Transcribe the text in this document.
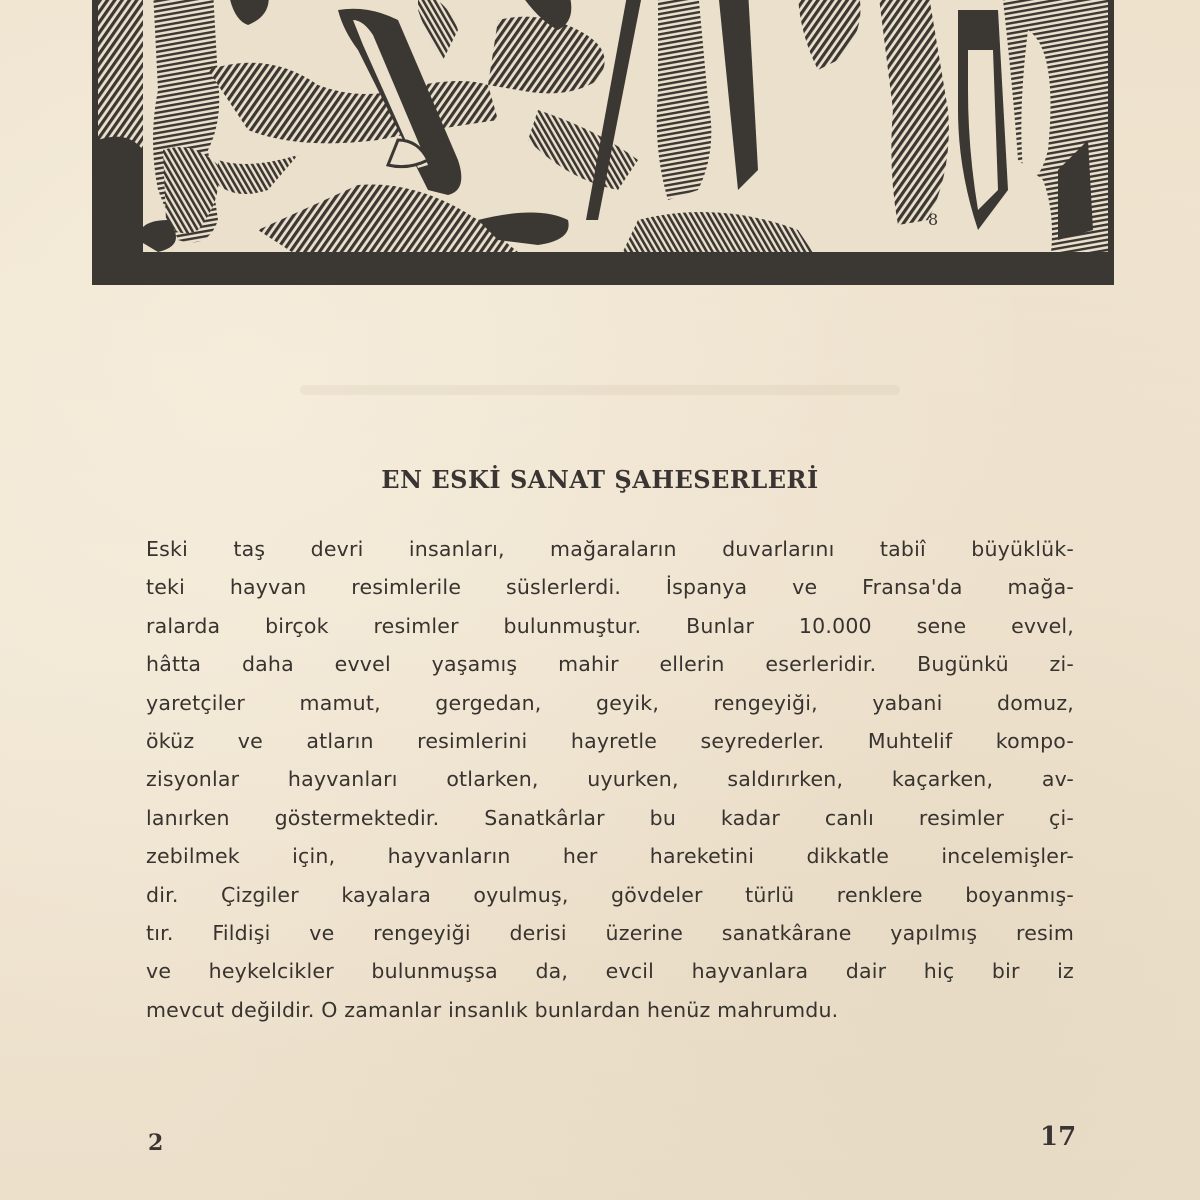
8
EN ESKİ SANAT ŞAHESERLERİ
Eski taş devri insanları, mağaraların duvarlarını tabiî büyüklük-
teki hayvan resimlerile süslerlerdi. İspanya ve Fransa'da mağa-
ralarda birçok resimler bulunmuştur. Bunlar 10.000 sene evvel,
hâtta daha evvel yaşamış mahir ellerin eserleridir. Bugünkü zi-
yaretçiler mamut, gergedan, geyik, rengeyiği, yabani domuz,
öküz ve atların resimlerini hayretle seyrederler. Muhtelif kompo-
zisyonlar hayvanları otlarken, uyurken, saldırırken, kaçarken, av-
lanırken göstermektedir. Sanatkârlar bu kadar canlı resimler çi-
zebilmek için, hayvanların her hareketini dikkatle incelemişler-
dir. Çizgiler kayalara oyulmuş, gövdeler türlü renklere boyanmış-
tır. Fildişi ve rengeyiği derisi üzerine sanatkârane yapılmış resim
ve heykelcikler bulunmuşsa da, evcil hayvanlara dair hiç bir iz
mevcut değildir. O zamanlar insanlık bunlardan henüz mahrumdu.
2	17
